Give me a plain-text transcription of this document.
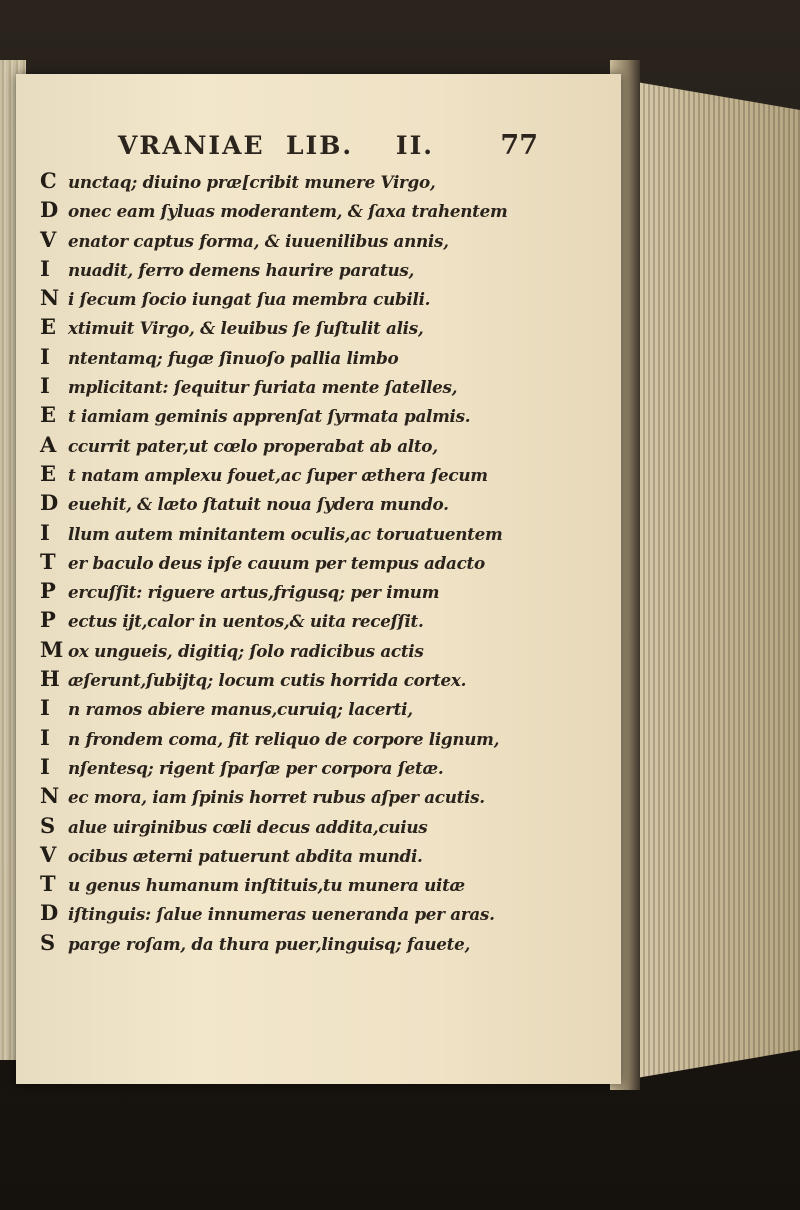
VRANIAE  LIB.    II. 77
C unctaq; diuino præ[cribit munere Virgo,
D onec eam ſyluas moderantem, & ſaxa trahentem
V enator captus forma, & iuuenilibus annis,
I	nuadit, ferro demens haurire paratus,
N i ſecum ſocio iungat ſua membra cubili.
E xtimuit Virgo, & leuibus ſe ſuſtulit alis,
I	ntentamq; fugæ ſinuoſo pallia limbo
I	mplicitant: ſequitur furiata mente ſatelles,
E t iamiam geminis apprenſat ſyrmata palmis.
A ccurrit pater,ut cœlo properabat ab alto,
E t natam amplexu fouet,ac ſuper æthera ſecum
D euehit, & læto ſtatuit noua ſydera mundo.
I	llum autem minitantem oculis,ac toruatuentem
T er baculo deus ipſe cauum per tempus adacto
P ercuſſit: riguere artus,frigusq; per imum
P ectus ijt,calor in uentos,& uita receſſit.
M ox ungueis, digitiq; ſolo radicibus actis
H æſerunt,ſubijtq; locum cutis horrida cortex.
I	n ramos abiere manus,curuiq; lacerti,
I	n frondem coma, fit reliquo de corpore lignum,
I	nſentesq; rigent ſparſæ per corpora ſetæ.
N ec mora, iam ſpinis horret rubus aſper acutis.
S alue uirginibus cœli decus addita,cuius
V ocibus æterni patuerunt abdita mundi.
T u genus humanum inſtituis,tu munera uitæ
D iſtinguis: ſalue innumeras ueneranda per aras.
S parge roſam, da thura puer,linguisq; fauete,
